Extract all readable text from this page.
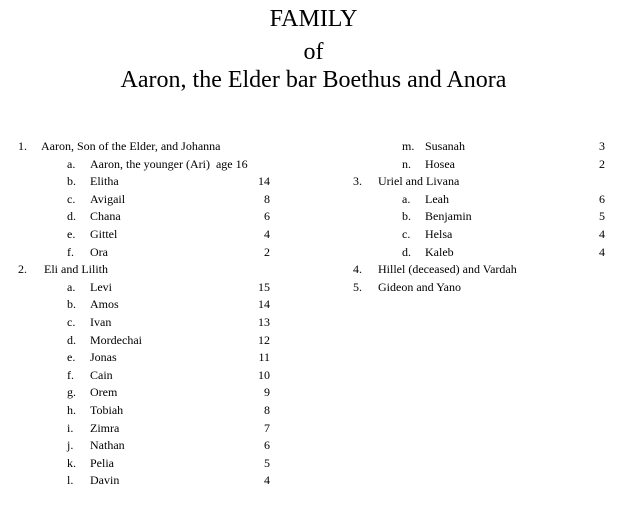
FAMILY
of
Aaron, the Elder bar Boethus and Anora
1. Aaron, Son of the Elder, and Johanna
a. Aaron, the younger (Ari)  age 16
b. Elitha	14
c. Avigail	8
d. Chana	6
e. Gittel	4
f. Ora	2
2. Eli and Lilith
a. Levi	15
b. Amos	14
c. Ivan	13
d. Mordechai	12
e. Jonas	11
f. Cain	10
g. Orem	9
h. Tobiah	8
i. Zimra	7
j. Nathan	6
k. Pelia	5
l. Davin	4
m. Susanah	3
n. Hosea	2
3. Uriel and Livana
a. Leah	6
b. Benjamin	5
c. Helsa	4
d. Kaleb	4
4. Hillel (deceased) and Vardah
5. Gideon and Yano
